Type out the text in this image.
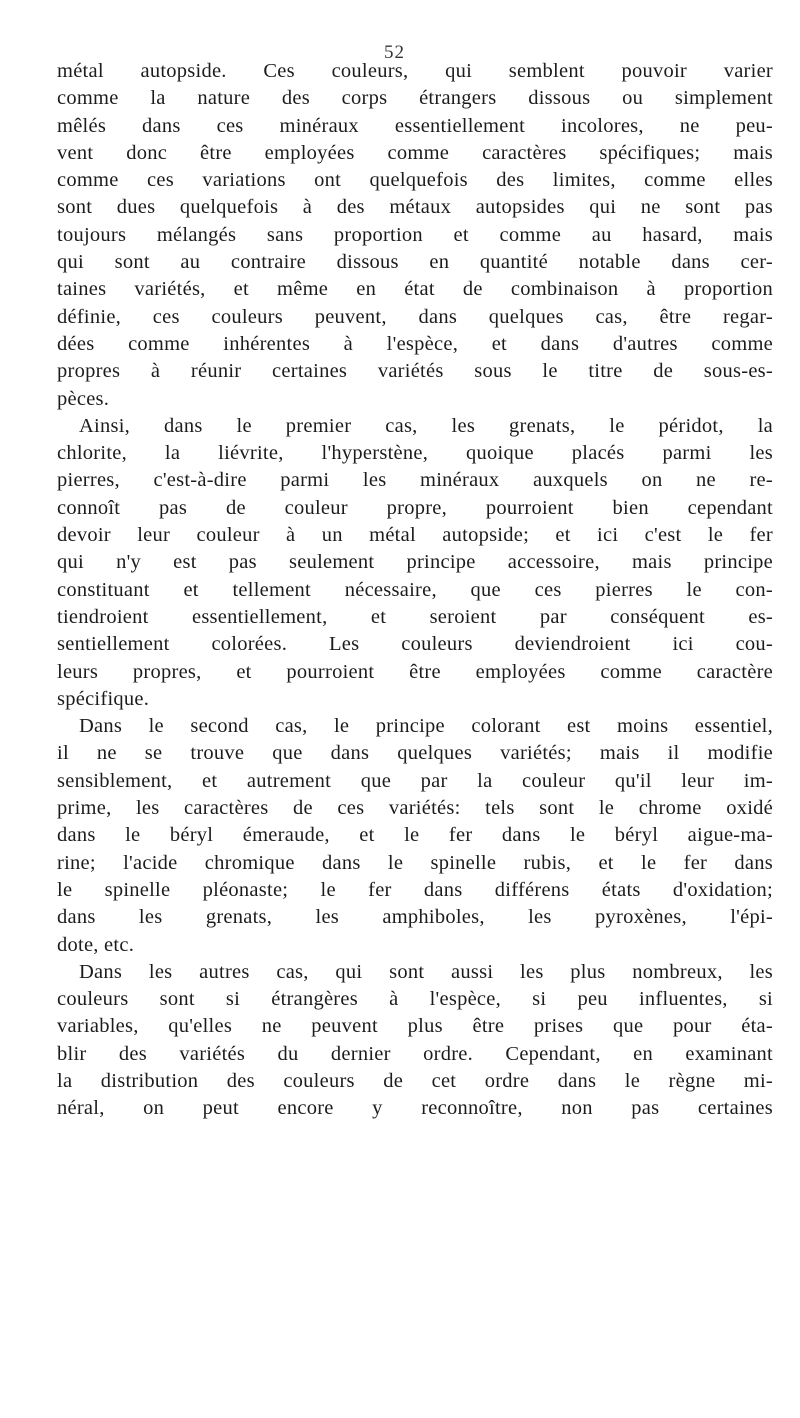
52
métal autopside. Ces couleurs, qui semblent pouvoir varier
comme la nature des corps étrangers dissous ou simplement
mêlés dans ces minéraux essentiellement incolores, ne peu-
vent donc être employées comme caractères spécifiques; mais
comme ces variations ont quelquefois des limites, comme elles
sont dues quelquefois à des métaux autopsides qui ne sont pas
toujours mélangés sans proportion et comme au hasard, mais
qui sont au contraire dissous en quantité notable dans cer-
taines variétés, et même en état de combinaison à proportion
définie, ces couleurs peuvent, dans quelques cas, être regar-
dées comme inhérentes à l'espèce, et dans d'autres comme
propres à réunir certaines variétés sous le titre de sous-es-
pèces.
Ainsi, dans le premier cas, les grenats, le péridot, la
chlorite, la liévrite, l'hyperstène, quoique placés parmi les
pierres, c'est-à-dire parmi les minéraux auxquels on ne re-
connoît pas de couleur propre, pourroient bien cependant
devoir leur couleur à un métal autopside; et ici c'est le fer
qui n'y est pas seulement principe accessoire, mais principe
constituant et tellement nécessaire, que ces pierres le con-
tiendroient essentiellement, et seroient par conséquent es-
sentiellement colorées. Les couleurs deviendroient ici cou-
leurs propres, et pourroient être employées comme caractère
spécifique.
Dans le second cas, le principe colorant est moins essentiel,
il ne se trouve que dans quelques variétés; mais il modifie
sensiblement, et autrement que par la couleur qu'il leur im-
prime, les caractères de ces variétés: tels sont le chrome oxidé
dans le béryl émeraude, et le fer dans le béryl aigue-ma-
rine; l'acide chromique dans le spinelle rubis, et le fer dans
le spinelle pléonaste; le fer dans différens états d'oxidation;
dans les grenats, les amphiboles, les pyroxènes, l'épi-
dote, etc.
Dans les autres cas, qui sont aussi les plus nombreux, les
couleurs sont si étrangères à l'espèce, si peu influentes, si
variables, qu'elles ne peuvent plus être prises que pour éta-
blir des variétés du dernier ordre. Cependant, en examinant
la distribution des couleurs de cet ordre dans le règne mi-
néral, on peut encore y reconnoître, non pas certaines
